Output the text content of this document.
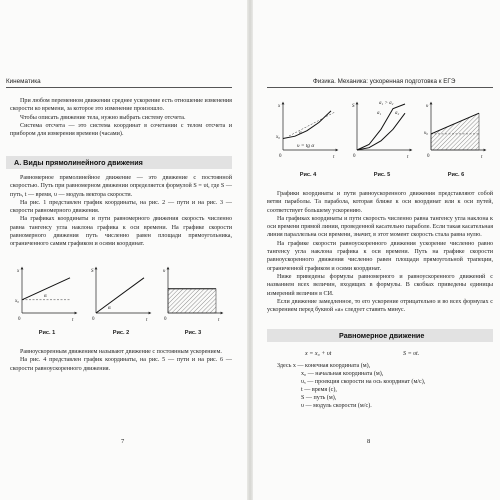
Кинематика

При любом переменном движении среднее ускорение есть отношение изменения скорости ко времени, за которое это изменение произошло.

Чтобы описать движение тела, нужно выбрать систему отсчета.

Система отсчета — это система координат в сочетании с телом отсчета и прибором для измерения времени (часами).

А. Виды прямолинейного движения

Равномерное прямолинейное движение — это движение с постоянной скоростью. Путь при равномерном движении определяется формулой S = υt, где S — путь, t — время, υ — модуль вектора скорости.

На рис. 1 представлен график координаты, на рис. 2 — пути и на рис. 3 — скорости равномерного движения.

На графиках координаты и пути равномерного движения скорость численно равна тангенсу угла наклона графика к оси времени. На графике скорости равномерного движения путь численно равен площади прямоугольника, ограниченного самим графиком и осями координат.

x
t
0
x₀
α
Рис. 1
S
t
0
α
Рис. 2
υ
t
0
Рис. 3

Равноускоренным движением называют движение с постоянным ускорением.

На рис. 4 представлен график координаты, на рис. 5 — пути и на рис. 6 — скорости равноускоренного движения.

7
Физика. Механика: ускоренная подготовка к ЕГЭ
x
t
0
x₀
α
υ = tg α
Рис. 4
S
t
0
a₁ > a₂
a₁	a₂
Рис. 5
υ
t
0
υ₀
Рис. 6

Графики координаты и пути равноускоренного движения представляют собой ветви параболы. Та парабола, которая ближе к оси координат или к оси путей, соответствует большему ускорению.

На графиках координаты и пути скорость численно равна тангенсу угла наклона к оси времени прямой линии, проведенной касательно параболе. Если такая касательная линия параллельна оси времени, значит, в этот момент скорость стала равна нулю.

На графике скорости равноускоренного движения ускорение численно равно тангенсу угла наклона графика к оси времени. Путь на графике скорости равноускоренного движения численно равен площади прямоугольной трапеции, ограниченной графиком и осями координат.

Ниже приведены формулы равномерного и равноускоренного движений с названием всех величин, входящих в формулы. В скобках приведены единицы измерений величин в СИ.

Если движение замедленное, то его ускорение отрицательно и во всех формулах с ускорением перед буквой «а» следует ставить минус.

Равномерное движение
x = x₀ + υt	S = υt.
Здесь x — конечная координата (м),
x₀ — начальная координата (м),
υₓ — проекция скорости на ось координат (м/с),
t — время (с),
S — путь (м),
υ — модуль скорости (м/с).
8
